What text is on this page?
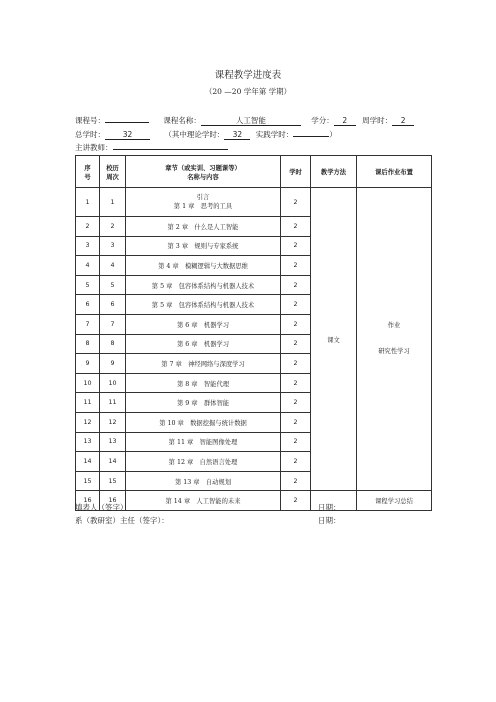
课程教学进度表
（20 —20 学年第 学期）
课程号：	课程名称：	人工智能	学分： 2 周学时： 2
总学时： 32	（其中理论学时： 32 实践学时：	）
主讲教师：
序
号	校历
周次	章节（或实训、习题课等）
名称与内容	学时	教学方法	课后作业布置
1	1	引言
第 1 章　思考的工具	2	课文	作业
研究性学习
2	2	第 2 章　什么是人工智能	2		
3	3	第 3 章　规则与专家系统	2		
4	4	第 4 章　模糊逻辑与大数据思维	2		
5	5	第 5 章　包容体系结构与机器人技术	2		
6	6	第 5 章　包容体系结构与机器人技术	2		
7	7	第 6 章　机器学习	2		
8	8	第 6 章　机器学习	2		
9	9	第 7 章　神经网络与深度学习	2		
10	10	第 8 章　智能代理	2		
11	11	第 9 章　群体智能	2		
12	12	第 10 章　数据挖掘与统计数据	2		
13	13	第 11 章　智能图像处理	2		
14	14	第 12 章　自然语言处理	2		
15	15	第 13 章　自动规划	2		
16	16	第 14 章　人工智能的未来	2		课程学习总结
填表人（签字）：	日期：
系（教研室）主任（签字）：	日期：
